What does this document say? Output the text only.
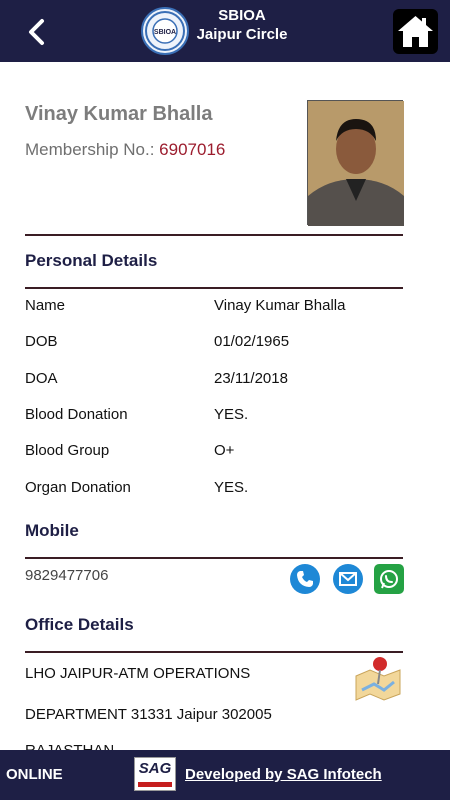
SBIOA
SBIOA
Jaipur Circle
Vinay Kumar Bhalla
Membership No.: 6907016
Personal Details
Name	Vinay Kumar Bhalla
DOB	01/02/1965
DOA	23/11/2018
Blood Donation	YES.
Blood Group	O+
Organ Donation	YES.
Mobile
9829477706
Office Details
LHO JAIPUR-ATM OPERATIONS
DEPARTMENT 31331 Jaipur 302005
ONLINE	SAG Developed by SAG Infotech
